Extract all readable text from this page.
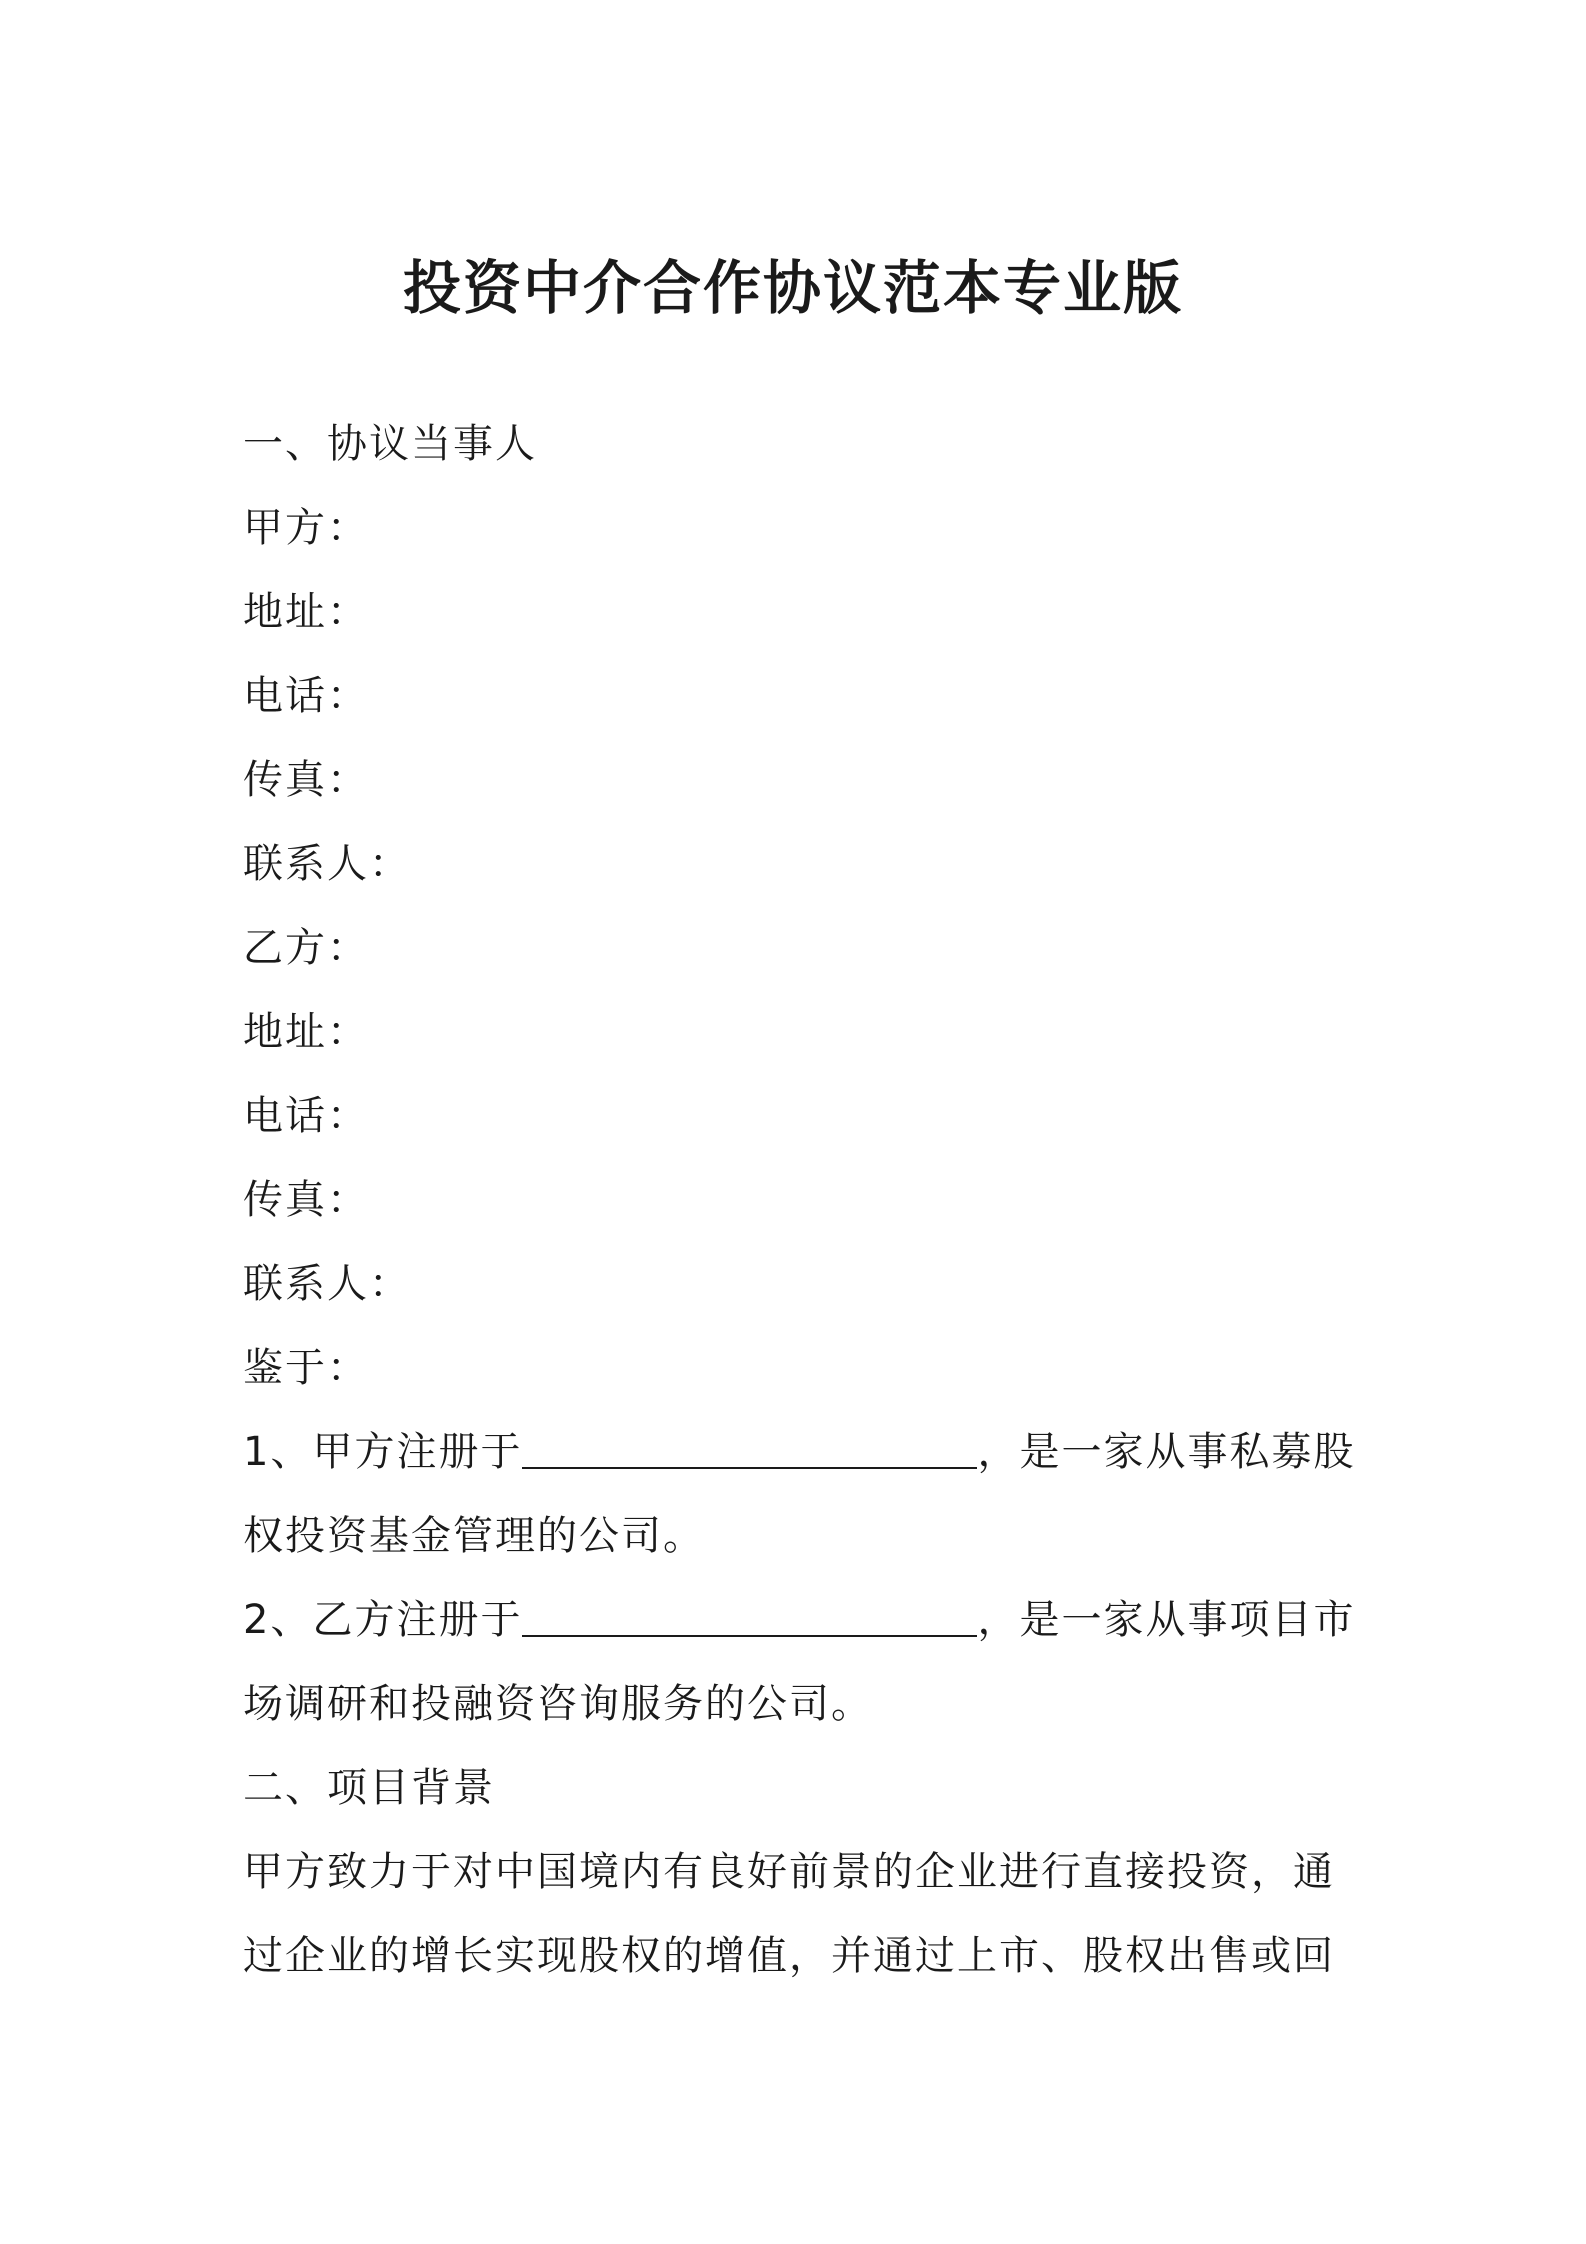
投资中介合作协议范本专业版
一、协议当事人
甲方：
地址：
电话：
传真：
联系人：
乙方：
地址：
电话：
传真：
联系人：
鉴于：
1、甲方注册于	，是一家从事私募股
权投资基金管理的公司。
2、乙方注册于	，是一家从事项目市
场调研和投融资咨询服务的公司。
二、项目背景
甲方致力于对中国境内有良好前景的企业进行直接投资，通
过企业的增长实现股权的增值，并通过上市、股权出售或回
